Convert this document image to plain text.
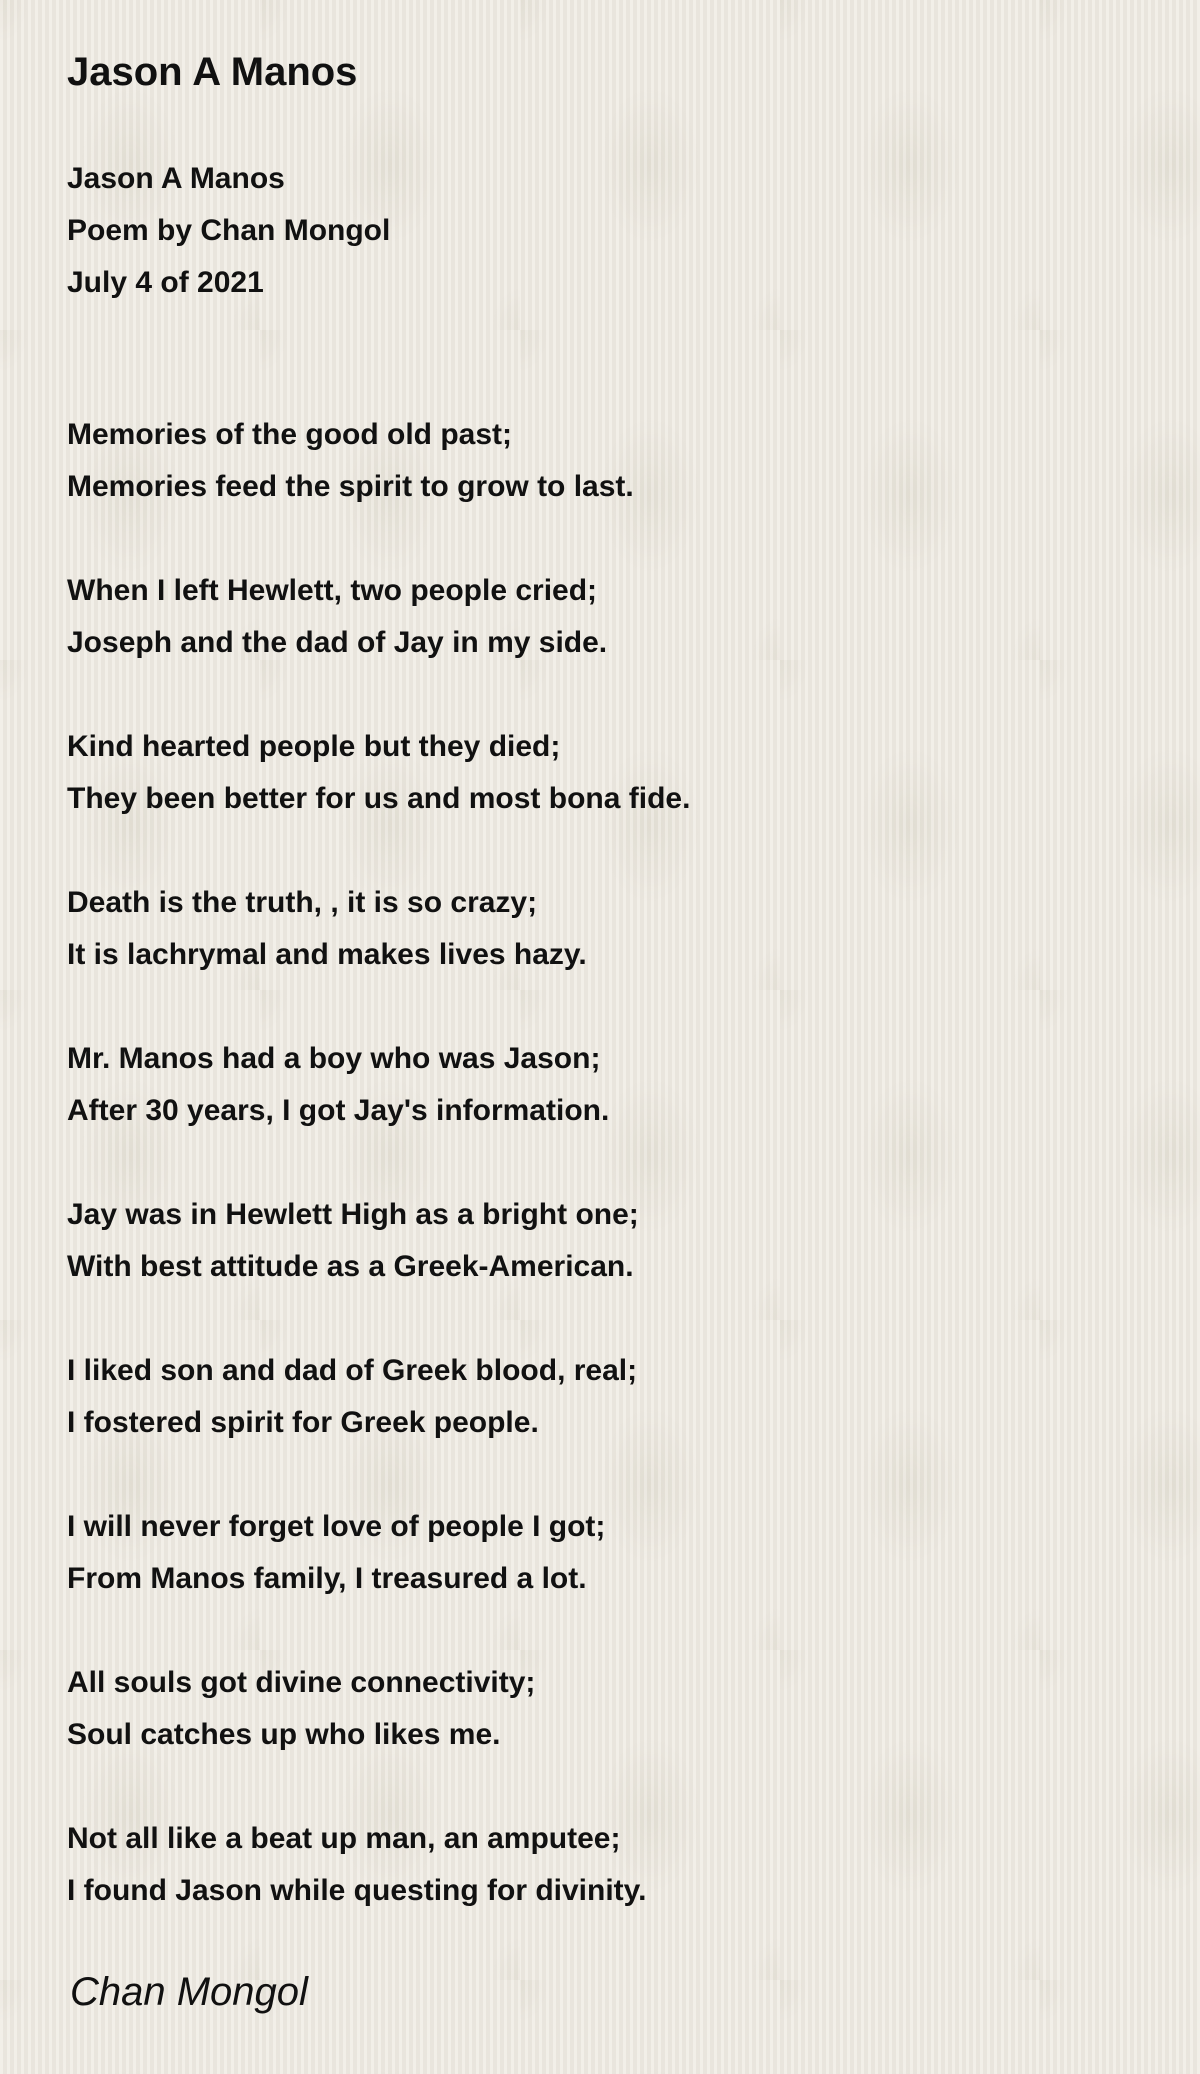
Jason A Manos
Jason A Manos
Poem by Chan Mongol
July 4 of 2021
Memories of the good old past;
Memories feed the spirit to grow to last.
When I left Hewlett, two people cried;
Joseph and the dad of Jay in my side.
Kind hearted people but they died;
They been better for us and most bona fide.
Death is the truth, , it is so crazy;
It is lachrymal and makes lives hazy.
Mr. Manos had a boy who was Jason;
After 30 years, I got Jay's information.
Jay was in Hewlett High as a bright one;
With best attitude as a Greek-American.
I liked son and dad of Greek blood, real;
I fostered spirit for Greek people.
I will never forget love of people I got;
From Manos family, I treasured a lot.
All souls got divine connectivity;
Soul catches up who likes me.
Not all like a beat up man, an amputee;
I found Jason while questing for divinity.
Chan Mongol
